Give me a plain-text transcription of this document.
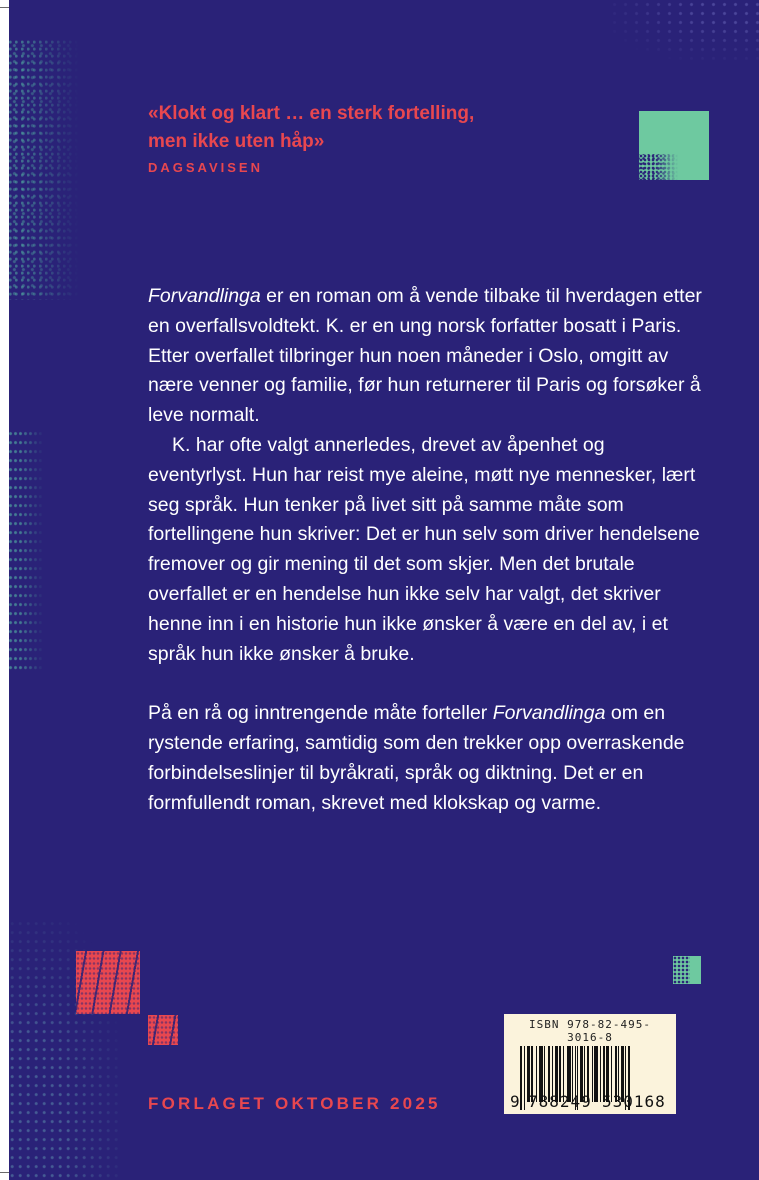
«Klokt og klart … en sterk fortelling,
men ikke uten håp»
DAGSAVISEN

Forvandlinga er en roman om å vende tilbake til hverdagen etter en overfallsvoldtekt. K. er en ung norsk forfatter bosatt i Paris. Etter overfallet tilbringer hun noen måneder i Oslo, omgitt av nære venner og familie, før hun returnerer til Paris og forsøker å leve normalt.

K. har ofte valgt annerledes, drevet av åpenhet og eventyrlyst. Hun har reist mye aleine, møtt nye mennesker, lært seg språk. Hun tenker på livet sitt på samme måte som fortellingene hun skriver: Det er hun selv som driver hendelsene fremover og gir mening til det som skjer. Men det brutale overfallet er en hendelse hun ikke selv har valgt, det skriver henne inn i en historie hun ikke ønsker å være en del av, i et språk hun ikke ønsker å bruke.

På en rå og inntrengende måte forteller Forvandlinga om en rystende erfaring, samtidig som den trekker opp overraskende forbindelseslinjer til byråkrati, språk og diktning. Det er en formfullendt roman, skrevet med klokskap og varme.

FORLAGET OKTOBER 2025
ISBN 978-82-495-3016-8
9 788249 530168
